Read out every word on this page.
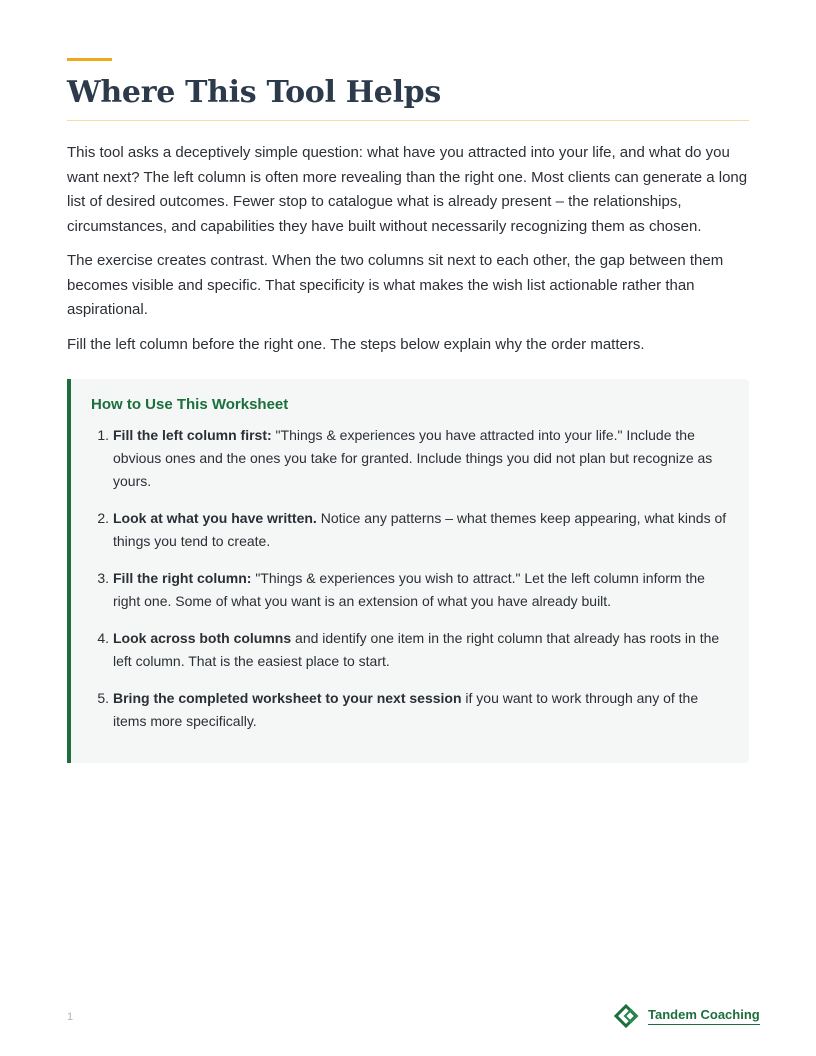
Where This Tool Helps

This tool asks a deceptively simple question: what have you attracted into your life, and what do you want next? The left column is often more revealing than the right one. Most clients can generate a long list of desired outcomes. Fewer stop to catalogue what is already present – the relationships, circumstances, and capabilities they have built without necessarily recognizing them as chosen.

The exercise creates contrast. When the two columns sit next to each other, the gap between them becomes visible and specific. That specificity is what makes the wish list actionable rather than aspirational.

Fill the left column before the right one. The steps below explain why the order matters.

How to Use This Worksheet
1. Fill the left column first: "Things & experiences you have attracted into your life." Include the obvious ones and the ones you take for granted. Include things you did not plan but recognize as yours.
2. Look at what you have written. Notice any patterns – what themes keep appearing, what kinds of things you tend to create.
3. Fill the right column: "Things & experiences you wish to attract." Let the left column inform the right one. Some of what you want is an extension of what you have already built.
4. Look across both columns and identify one item in the right column that already has roots in the left column. That is the easiest place to start.
5. Bring the completed worksheet to your next session if you want to work through any of the items more specifically.
1	Tandem Coaching
